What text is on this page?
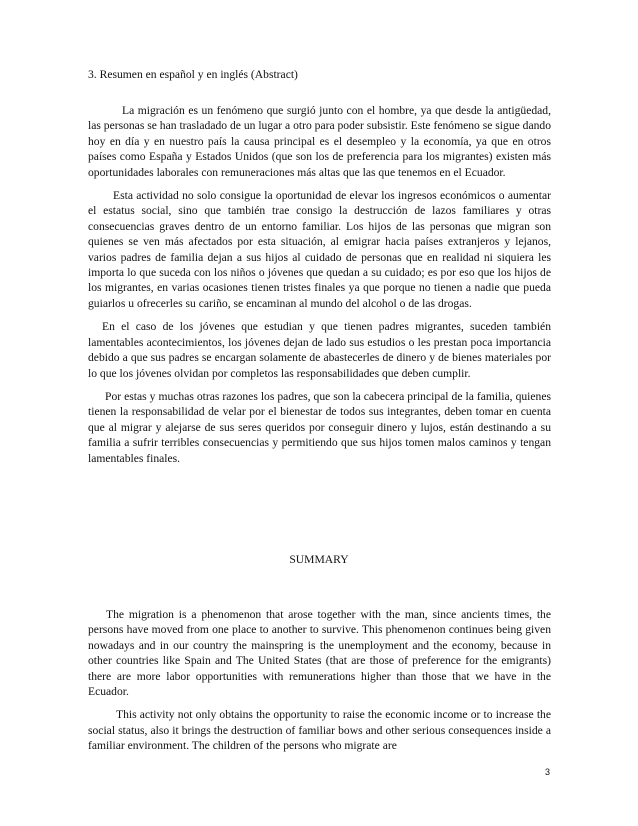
3. Resumen en español y en inglés (Abstract)

La migración es un fenómeno que surgió junto con el hombre, ya que desde la antigüedad, las personas se han trasladado de un lugar a otro para poder subsistir. Este fenómeno se sigue dando hoy en día y en nuestro país la causa principal es el desempleo y la economía, ya que en otros países como España y Estados Unidos (que son los de preferencia para los migrantes) existen más oportunidades laborales con remuneraciones más altas que las que tenemos en el Ecuador.

Esta actividad no solo consigue la oportunidad de elevar los ingresos económicos o aumentar el estatus social, sino que también trae consigo la destrucción de lazos familiares y otras consecuencias graves dentro de un entorno familiar. Los hijos de las personas que migran son quienes se ven más afectados por esta situación, al emigrar hacia países extranjeros y lejanos, varios padres de familia dejan a sus hijos al cuidado de personas que en realidad ni siquiera les importa lo que suceda con los niños o jóvenes que quedan a su cuidado; es por eso que los hijos de los migrantes, en varias ocasiones tienen tristes finales ya que porque no tienen a nadie que pueda guiarlos u ofrecerles su cariño, se encaminan al mundo del alcohol o de las drogas.

En el caso de los jóvenes que estudian y que tienen padres migrantes, suceden también lamentables acontecimientos, los jóvenes dejan de lado sus estudios o les prestan poca importancia debido a que sus padres se encargan solamente de abastecerles de dinero y de bienes materiales por lo que los jóvenes olvidan por completos las responsabilidades que deben cumplir.

Por estas y muchas otras razones los padres, que son la cabecera principal de la familia, quienes tienen la responsabilidad de velar por el bienestar de todos sus integrantes, deben tomar en cuenta que al migrar y alejarse de sus seres queridos por conseguir dinero y lujos, están destinando a su familia a sufrir terribles consecuencias y permitiendo que sus hijos tomen malos caminos y tengan lamentables finales.

SUMMARY

The migration is a phenomenon that arose together with the man, since ancients times, the persons have moved from one place to another to survive. This phenomenon continues being given nowadays and in our country the mainspring is the unemployment and the economy, because in other countries like Spain and The United States (that are those of preference for the emigrants) there are more labor opportunities with remunerations higher than those that we have in the Ecuador.

This activity not only obtains the opportunity to raise the economic income or to increase the social status, also it brings the destruction of familiar bows and other serious consequences inside a familiar environment. The children of the persons who migrate are

3
